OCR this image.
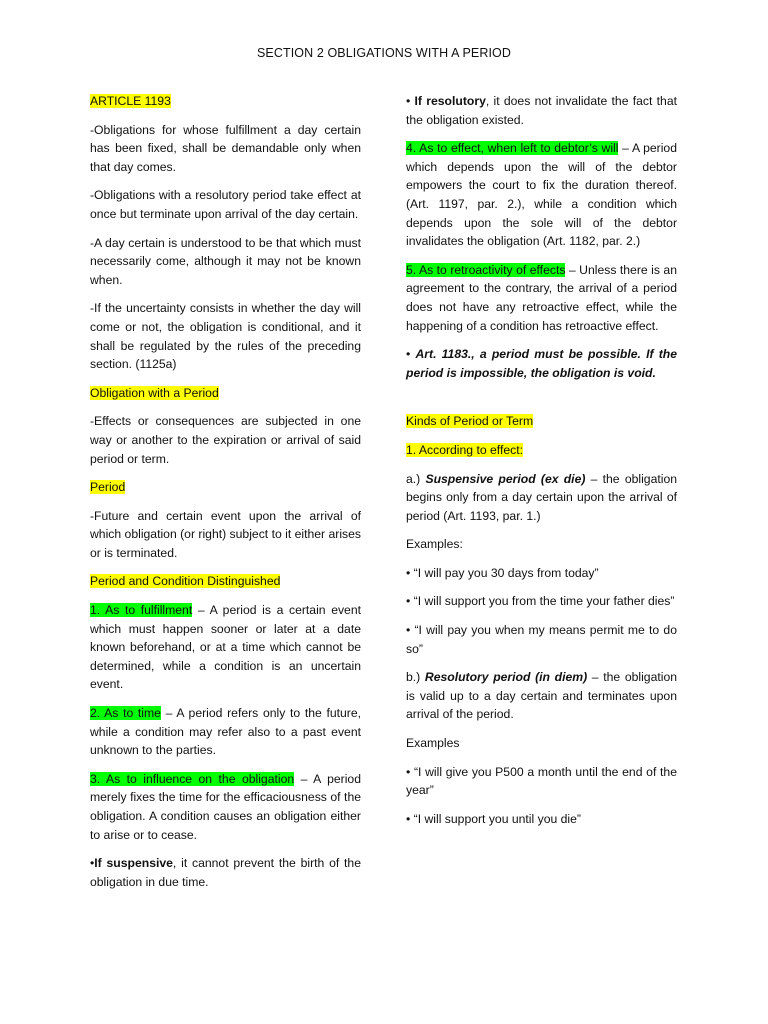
SECTION 2 OBLIGATIONS WITH A PERIOD

ARTICLE 1193

-Obligations for whose fulfillment a day certain has been fixed, shall be demandable only when that day comes.

-Obligations with a resolutory period take effect at once but terminate upon arrival of the day certain.

-A day certain is understood to be that which must necessarily come, although it may not be known when.

-If the uncertainty consists in whether the day will come or not, the obligation is conditional, and it shall be regulated by the rules of the preceding section. (1125a)

Obligation with a Period

-Effects or consequences are subjected in one way or another to the expiration or arrival of said period or term.

Period

-Future and certain event upon the arrival of which obligation (or right) subject to it either arises or is terminated.

Period and Condition Distinguished

1. As to fulfillment – A period is a certain event which must happen sooner or later at a date known beforehand, or at a time which cannot be determined, while a condition is an uncertain event.

2. As to time – A period refers only to the future, while a condition may refer also to a past event unknown to the parties.

3. As to influence on the obligation – A period merely fixes the time for the efficaciousness of the obligation. A condition causes an obligation either to arise or to cease.

•If suspensive, it cannot prevent the birth of the obligation in due time.

• If resolutory, it does not invalidate the fact that the obligation existed.

4. As to effect, when left to debtor’s will – A period which depends upon the will of the debtor empowers the court to fix the duration thereof. (Art. 1197, par. 2.), while a condition which depends upon the sole will of the debtor invalidates the obligation (Art. 1182, par. 2.)

5. As to retroactivity of effects – Unless there is an agreement to the contrary, the arrival of a period does not have any retroactive effect, while the happening of a condition has retroactive effect.

• Art. 1183., a period must be possible. If the period is impossible, the obligation is void.

Kinds of Period or Term

1. According to effect:

a.) Suspensive period (ex die) – the obligation begins only from a day certain upon the arrival of period (Art. 1193, par. 1.)

Examples:

• “I will pay you 30 days from today”

• “I will support you from the time your father dies”

• “I will pay you when my means permit me to do so”

b.) Resolutory period (in diem) – the obligation is valid up to a day certain and terminates upon arrival of the period.

Examples

• “I will give you P500 a month until the end of the year”

• “I will support you until you die”
